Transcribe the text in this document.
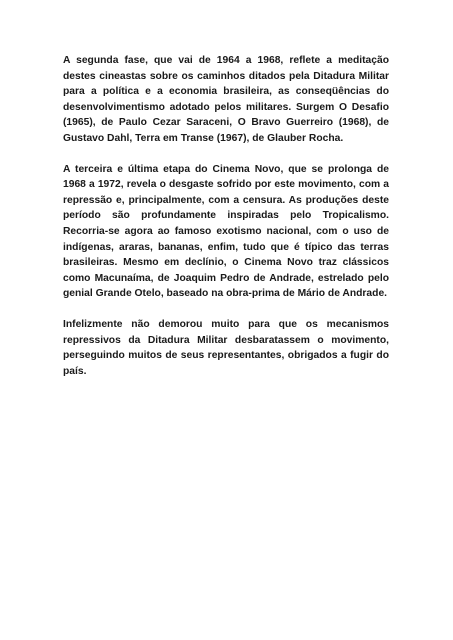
A segunda fase, que vai de 1964 a 1968, reflete a meditação destes cineastas sobre os caminhos ditados pela Ditadura Militar para a política e a economia brasileira, as conseqüências do desenvolvimentismo adotado pelos militares. Surgem O Desafio (1965), de Paulo Cezar Saraceni, O Bravo Guerreiro (1968), de Gustavo Dahl, Terra em Transe (1967), de Glauber Rocha.

A terceira e última etapa do Cinema Novo, que se prolonga de 1968 a 1972, revela o desgaste sofrido por este movimento, com a repressão e, principalmente, com a censura. As produções deste período são profundamente inspiradas pelo Tropicalismo. Recorria-se agora ao famoso exotismo nacional, com o uso de indígenas, araras, bananas, enfim, tudo que é típico das terras brasileiras. Mesmo em declínio, o Cinema Novo traz clássicos como Macunaíma, de Joaquim Pedro de Andrade, estrelado pelo genial Grande Otelo, baseado na obra-prima de Mário de Andrade.

Infelizmente não demorou muito para que os mecanismos repressivos da Ditadura Militar desbaratassem o movimento, perseguindo muitos de seus representantes, obrigados a fugir do país.
